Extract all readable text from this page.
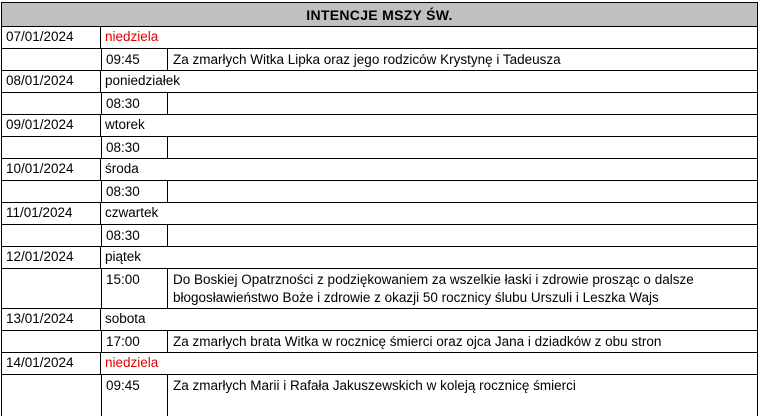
INTENCJE MSZY ŚW.
07/01/2024	niedziela
09:45	Za zmarłych Witka Lipka oraz jego rodziców Krystynę i Tadeusza
08/01/2024	poniedziałek
08:30
09/01/2024	wtorek
08:30
10/01/2024	środa
08:30
11/01/2024	czwartek
08:30
12/01/2024	piątek
15:00	Do Boskiej Opatrzności z podziękowaniem za wszelkie łaski i zdrowie prosząc o dalsze
błogosławieństwo Boże i zdrowie z okazji 50 rocznicy ślubu Urszuli i Leszka Wajs
13/01/2024	sobota
17:00	Za zmarłych brata Witka w rocznicę śmierci oraz ojca Jana i dziadków z obu stron
14/01/2024	niedziela
09:45	Za zmarłych Marii i Rafała Jakuszewskich w koleją rocznicę śmierci
